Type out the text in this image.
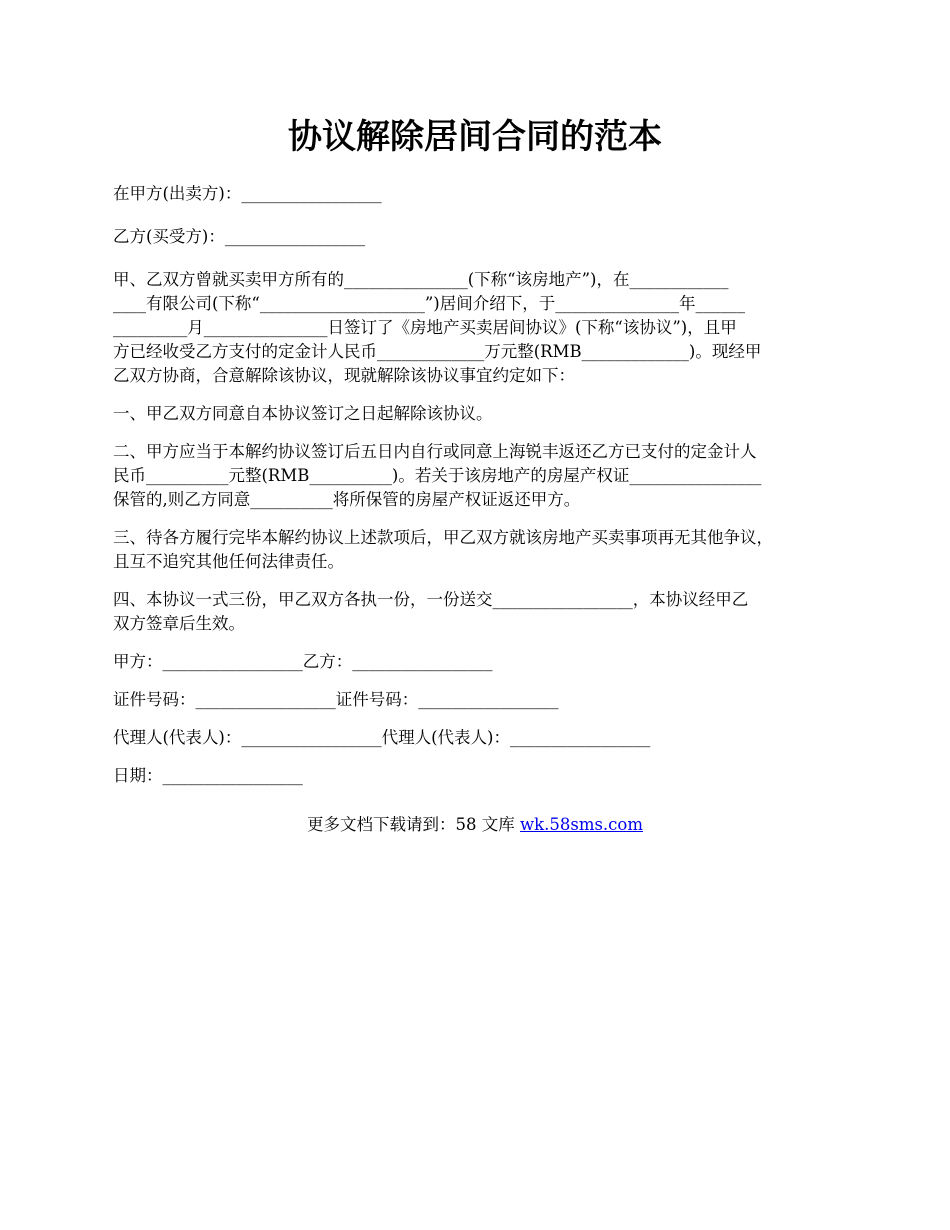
协议解除居间合同的范本

在甲方(出卖方)：_________________

乙方(买受方)：_________________

甲、乙双方曾就买卖甲方所有的_______________(下称“该房地产”)，在____________

____有限公司(下称“____________________”)居间介绍下，于_______________年______

_________月_______________日签订了《房地产买卖居间协议》(下称“该协议”)，且甲

方已经收受乙方支付的定金计人民币_____________万元整(RMB_____________)。现经甲

乙双方协商，合意解除该协议，现就解除该协议事宜约定如下：

一、甲乙双方同意自本协议签订之日起解除该协议。

二、甲方应当于本解约协议签订后五日内自行或同意上海锐丰返还乙方已支付的定金计人

民币__________元整(RMB__________)。若关于该房地产的房屋产权证________________

保管的,则乙方同意__________将所保管的房屋产权证返还甲方。

三、待各方履行完毕本解约协议上述款项后，甲乙双方就该房地产买卖事项再无其他争议，

且互不追究其他任何法律责任。

四、本协议一式三份，甲乙双方各执一份，一份送交_________________，本协议经甲乙

双方签章后生效。

甲方：_________________乙方：_________________

证件号码：_________________证件号码：_________________

代理人(代表人)：_________________代理人(代表人)：_________________

日期：_________________

更多文档下载请到：58 文库 wk.58sms.com
